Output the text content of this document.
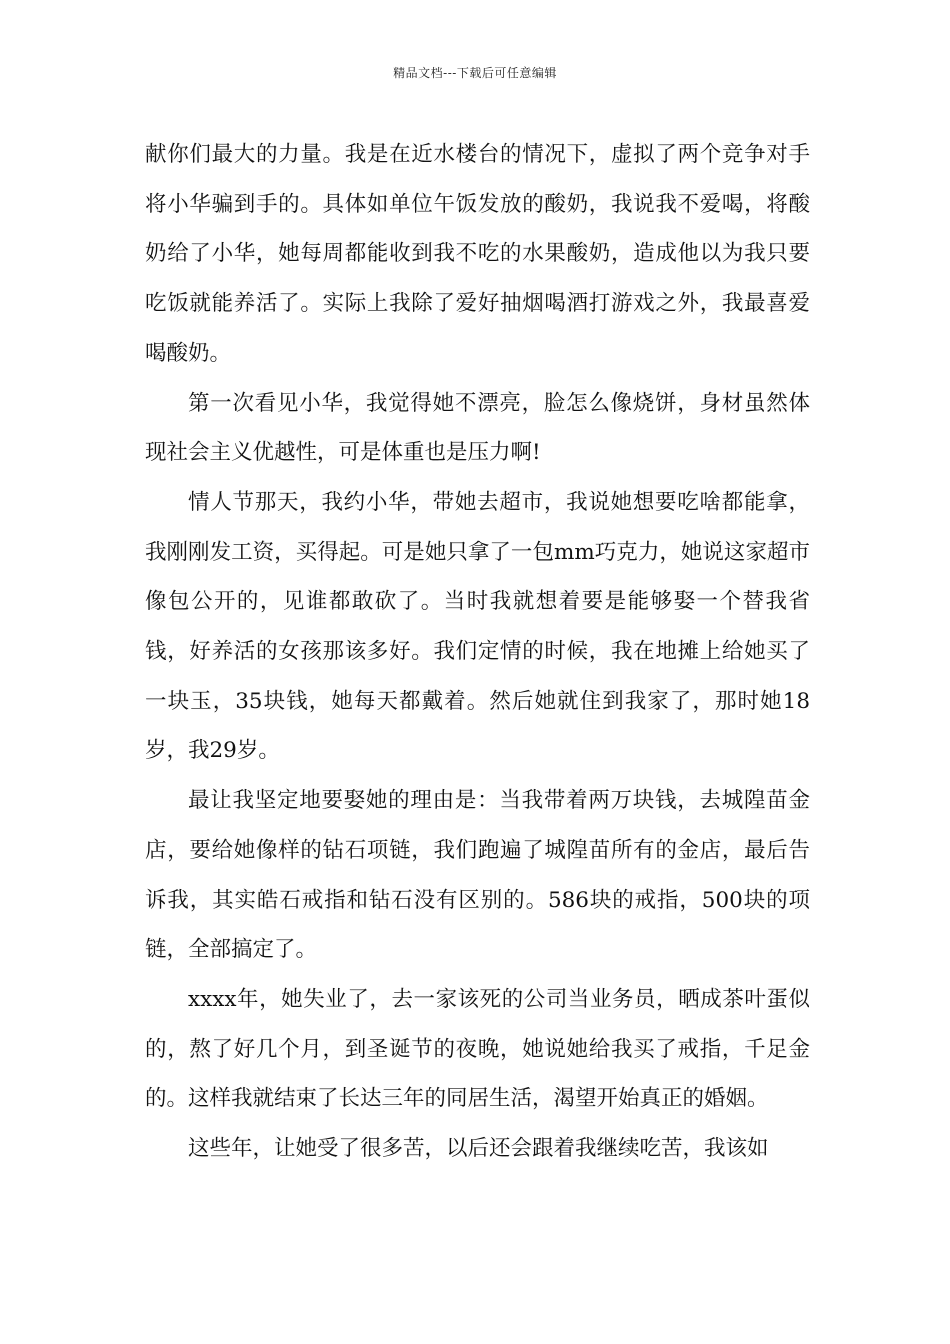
精品文档---下载后可任意编辑

献你们最大的力量。我是在近水楼台的情况下，虚拟了两个竞争对手将小华骗到手的。具体如单位午饭发放的酸奶，我说我不爱喝，将酸奶给了小华，她每周都能收到我不吃的水果酸奶，造成他以为我只要吃饭就能养活了。实际上我除了爱好抽烟喝酒打游戏之外，我最喜爱喝酸奶。

第一次看见小华，我觉得她不漂亮，脸怎么像烧饼，身材虽然体现社会主义优越性，可是体重也是压力啊!

情人节那天，我约小华，带她去超市，我说她想要吃啥都能拿，我刚刚发工资，买得起。可是她只拿了一包mm巧克力，她说这家超市像包公开的，见谁都敢砍了。当时我就想着要是能够娶一个替我省钱，好养活的女孩那该多好。我们定情的时候，我在地摊上给她买了一块玉，35块钱，她每天都戴着。然后她就住到我家了，那时她18岁，我29岁。

最让我坚定地要娶她的理由是：当我带着两万块钱，去城隍苗金店，要给她像样的钻石项链，我们跑遍了城隍苗所有的金店，最后告诉我，其实皓石戒指和钻石没有区别的。586块的戒指，500块的项链，全部搞定了。

xxxx年，她失业了，去一家该死的公司当业务员，晒成茶叶蛋似的，熬了好几个月，到圣诞节的夜晚，她说她给我买了戒指，千足金的。这样我就结束了长达三年的同居生活，渴望开始真正的婚姻。

这些年，让她受了很多苦，以后还会跟着我继续吃苦，我该如
